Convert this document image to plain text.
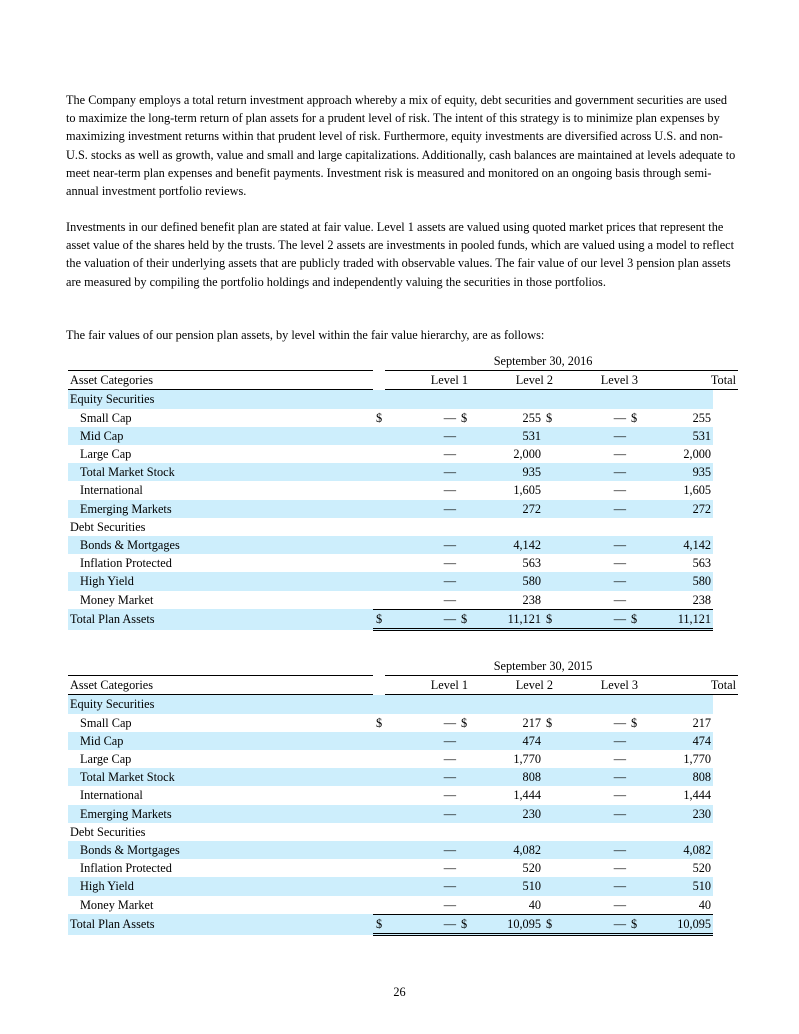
The Company employs a total return investment approach whereby a mix of equity, debt securities and government securities are used to maximize the long-term return of plan assets for a prudent level of risk. The intent of this strategy is to minimize plan expenses by maximizing investment returns within that prudent level of risk. Furthermore, equity investments are diversified across U.S. and non-U.S. stocks as well as growth, value and small and large capitalizations. Additionally, cash balances are maintained at levels adequate to meet near-term plan expenses and benefit payments. Investment risk is measured and monitored on an ongoing basis through semi-annual investment portfolio reviews.

Investments in our defined benefit plan are stated at fair value. Level 1 assets are valued using quoted market prices that represent the asset value of the shares held by the trusts. The level 2 assets are investments in pooled funds, which are valued using a model to reflect the valuation of their underlying assets that are publicly traded with observable values. The fair value of our level 3 pension plan assets are measured by compiling the portfolio holdings and independently valuing the securities in those portfolios.

The fair values of our pension plan assets, by level within the fair value hierarchy, are as follows:

	September 30, 2016							
Asset Categories		Level 1		Level 2		Level 3		Total
Equity Securities								
Small Cap	$	—	$	255	$	—	$	255
Mid Cap		—		531		—		531
Large Cap		—		2,000		—		2,000
Total Market Stock		—		935		—		935
International		—		1,605		—		1,605
Emerging Markets		—		272		—		272
Debt Securities								
Bonds & Mortgages		—		4,142		—		4,142
Inflation Protected		—		563		—		563
High Yield		—		580		—		580
Money Market		—		238		—		238
Total Plan Assets	$	—	$	11,121	$	—	$	11,121
	September 30, 2015							
Asset Categories		Level 1		Level 2		Level 3		Total
Equity Securities								
Small Cap	$	—	$	217	$	—	$	217
Mid Cap		—		474		—		474
Large Cap		—		1,770		—		1,770
Total Market Stock		—		808		—		808
International		—		1,444		—		1,444
Emerging Markets		—		230		—		230
Debt Securities								
Bonds & Mortgages		—		4,082		—		4,082
Inflation Protected		—		520		—		520
High Yield		—		510		—		510
Money Market		—		40		—		40
Total Plan Assets	$	—	$	10,095	$	—	$	10,095
26
